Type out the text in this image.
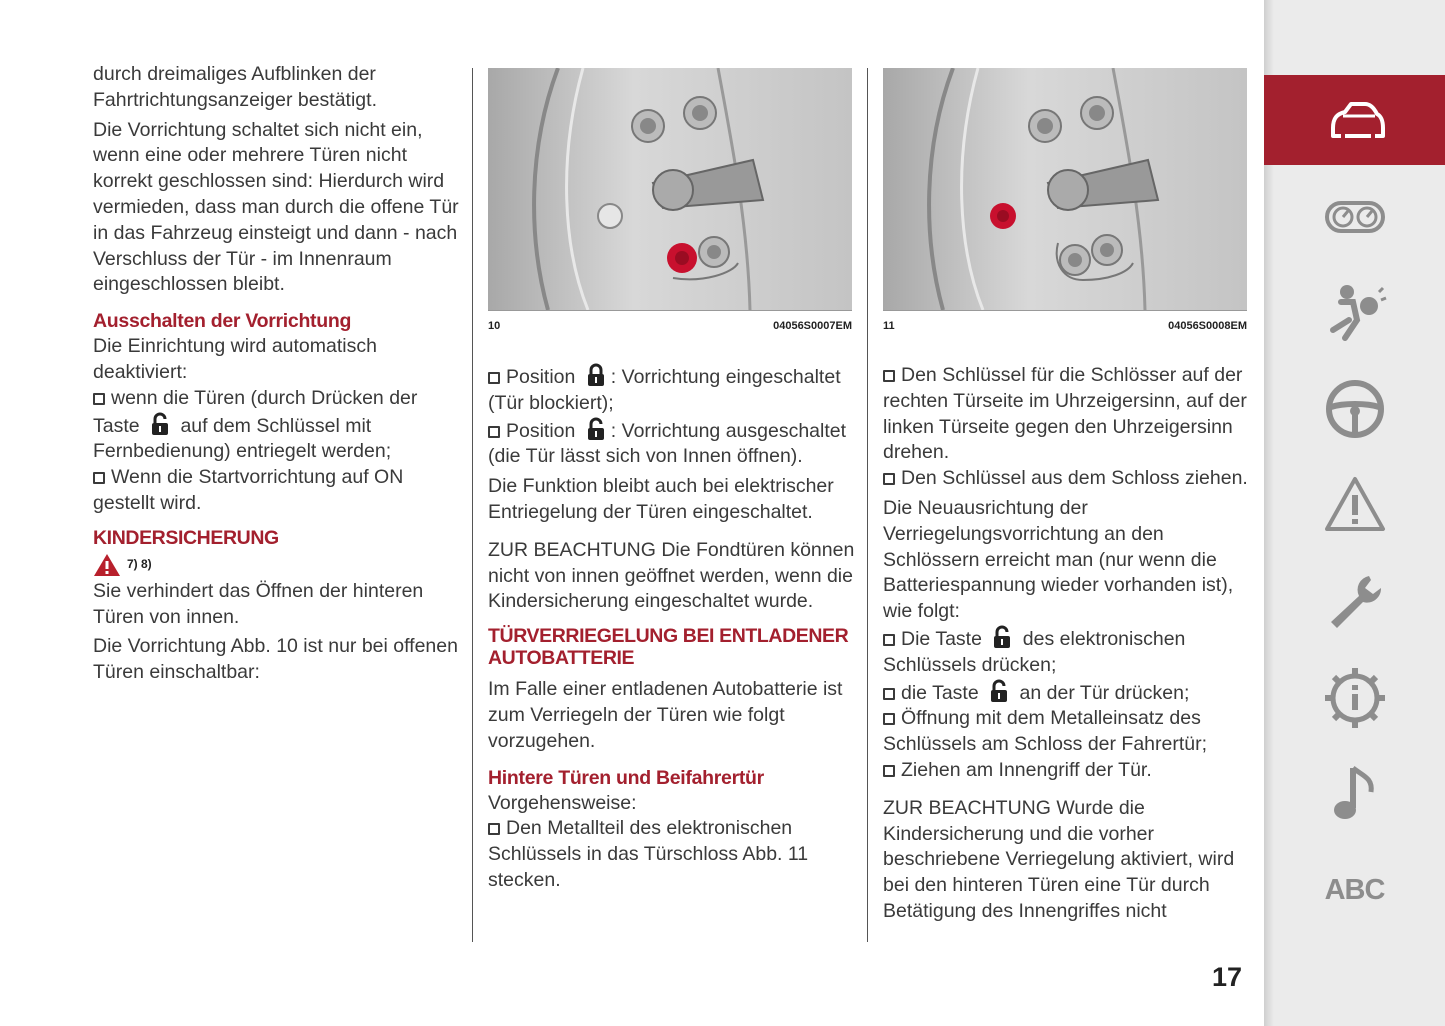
durch dreimaliges Aufblinken der
Fahrtrichtungsanzeiger bestätigt.

Die Vorrichtung schaltet sich nicht ein, wenn eine oder mehrere Türen nicht korrekt geschlossen sind: Hierdurch wird vermieden, dass man durch die offene Tür in das Fahrzeug einsteigt und dann - nach Verschluss der Tür - im Innenraum eingeschlossen bleibt.

Ausschalten der Vorrichtung

Die Einrichtung wird automatisch deaktiviert:
wenn die Türen (durch Drücken der Taste auf dem Schlüssel mit Fernbedienung) entriegelt werden;
Wenn die Startvorrichtung auf ON gestellt wird.

KINDERSICHERUNG
7) 8)

Sie verhindert das Öffnen der hinteren Türen von innen.

Die Vorrichtung Abb. 10 ist nur bei offenen Türen einschaltbar:

10	04056S0007EM	11	04056S0008EM

Position : Vorrichtung eingeschaltet (Tür blockiert);
Position : Vorrichtung ausgeschaltet (die Tür lässt sich von Innen öffnen).

Die Funktion bleibt auch bei elektrischer Entriegelung der Türen eingeschaltet.

ZUR BEACHTUNG Die Fondtüren können nicht von innen geöffnet werden, wenn die Kindersicherung eingeschaltet wurde.

TÜRVERRIEGELUNG BEI ENTLADENER AUTOBATTERIE

Im Falle einer entladenen Autobatterie ist zum Verriegeln der Türen wie folgt vorzugehen.

Hintere Türen und Beifahrertür

Vorgehensweise:
Den Metallteil des elektronischen Schlüssels in das Türschloss Abb. 11 stecken.

Den Schlüssel für die Schlösser auf der rechten Türseite im Uhrzeigersinn, auf der linken Türseite gegen den Uhrzeigersinn drehen.
Den Schlüssel aus dem Schloss ziehen.

Die Neuausrichtung der Verriegelungsvorrichtung an den Schlössern erreicht man (nur wenn die Batteriespannung wieder vorhanden ist), wie folgt:
Die Taste des elektronischen Schlüssels drücken;
die Taste an der Tür drücken;
Öffnung mit dem Metalleinsatz des Schlüssels am Schloss der Fahrertür;
Ziehen am Innengriff der Tür.

ZUR BEACHTUNG Wurde die Kindersicherung und die vorher beschriebene Verriegelung aktiviert, wird bei den hinteren Türen eine Tür durch Betätigung des Innengriffes nicht

17
ABC
